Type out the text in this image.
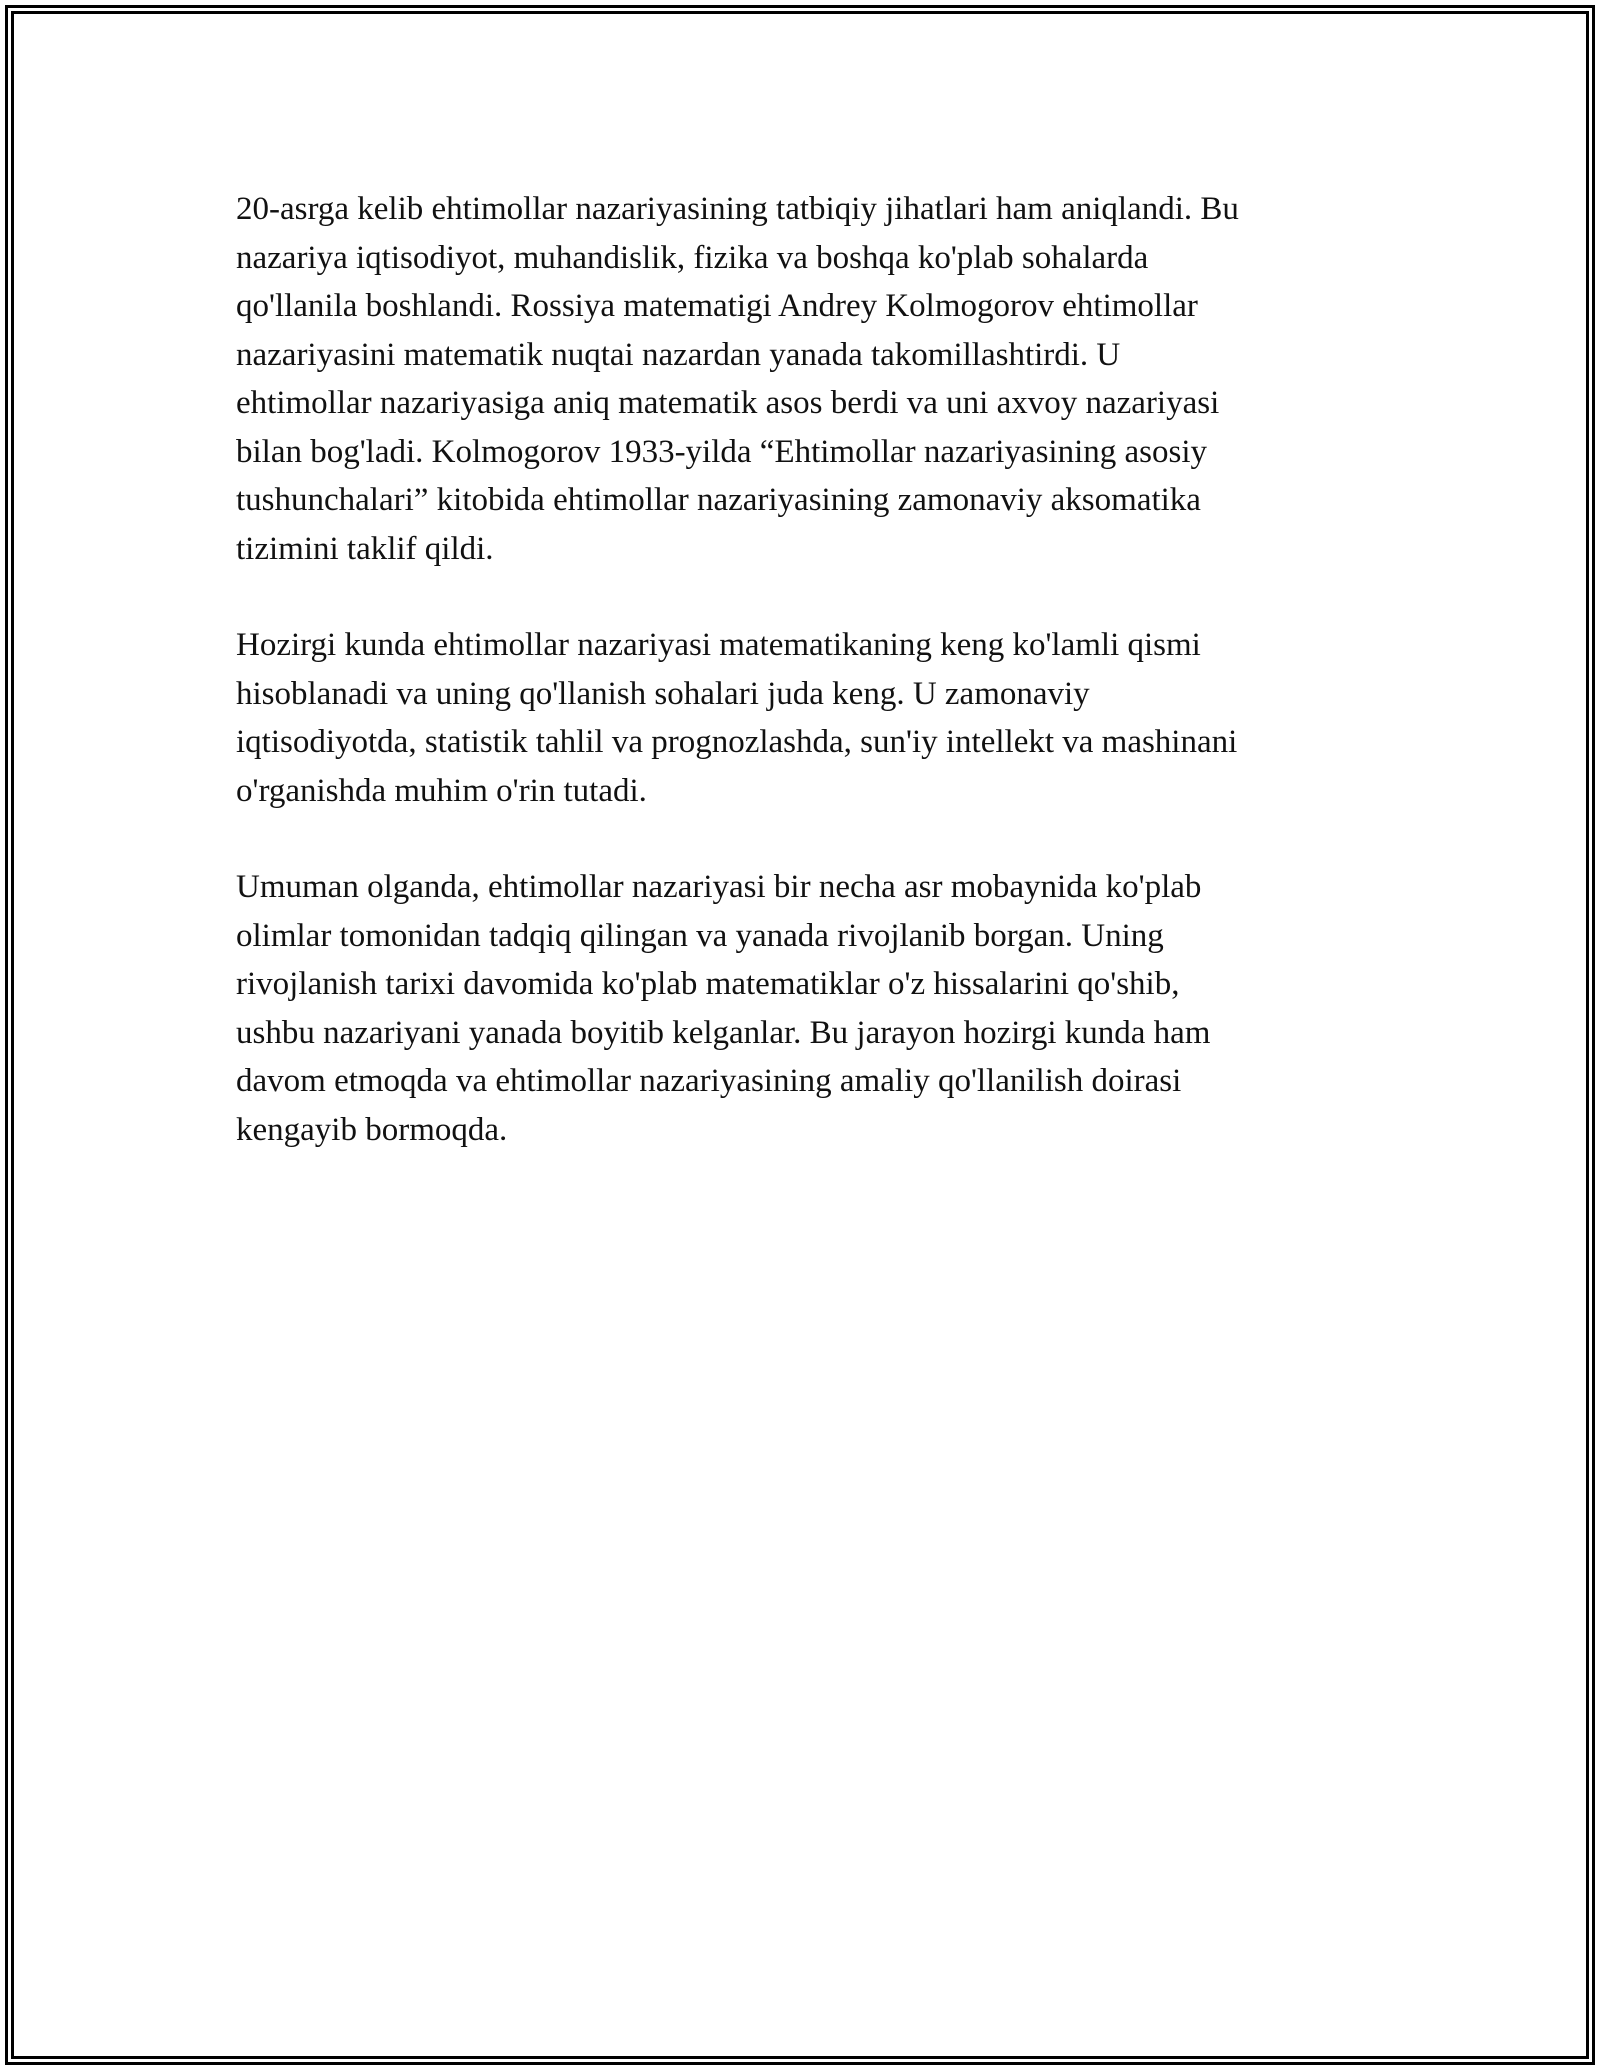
20-asrga kelib ehtimollar nazariyasining tatbiqiy jihatlari ham aniqlandi. Bu
nazariya iqtisodiyot, muhandislik, fizika va boshqa ko'plab sohalarda
qo'llanila boshlandi. Rossiya matematigi Andrey Kolmogorov ehtimollar
nazariyasini matematik nuqtai nazardan yanada takomillashtirdi. U
ehtimollar nazariyasiga aniq matematik asos berdi va uni axvoy nazariyasi
bilan bog'ladi. Kolmogorov 1933-yilda “Ehtimollar nazariyasining asosiy
tushunchalari” kitobida ehtimollar nazariyasining zamonaviy aksomatika
tizimini taklif qildi.

Hozirgi kunda ehtimollar nazariyasi matematikaning keng ko'lamli qismi
hisoblanadi va uning qo'llanish sohalari juda keng. U zamonaviy
iqtisodiyotda, statistik tahlil va prognozlashda, sun'iy intellekt va mashinani
o'rganishda muhim o'rin tutadi.

Umuman olganda, ehtimollar nazariyasi bir necha asr mobaynida ko'plab
olimlar tomonidan tadqiq qilingan va yanada rivojlanib borgan. Uning
rivojlanish tarixi davomida ko'plab matematiklar o'z hissalarini qo'shib,
ushbu nazariyani yanada boyitib kelganlar. Bu jarayon hozirgi kunda ham
davom etmoqda va ehtimollar nazariyasining amaliy qo'llanilish doirasi
kengayib bormoqda.
